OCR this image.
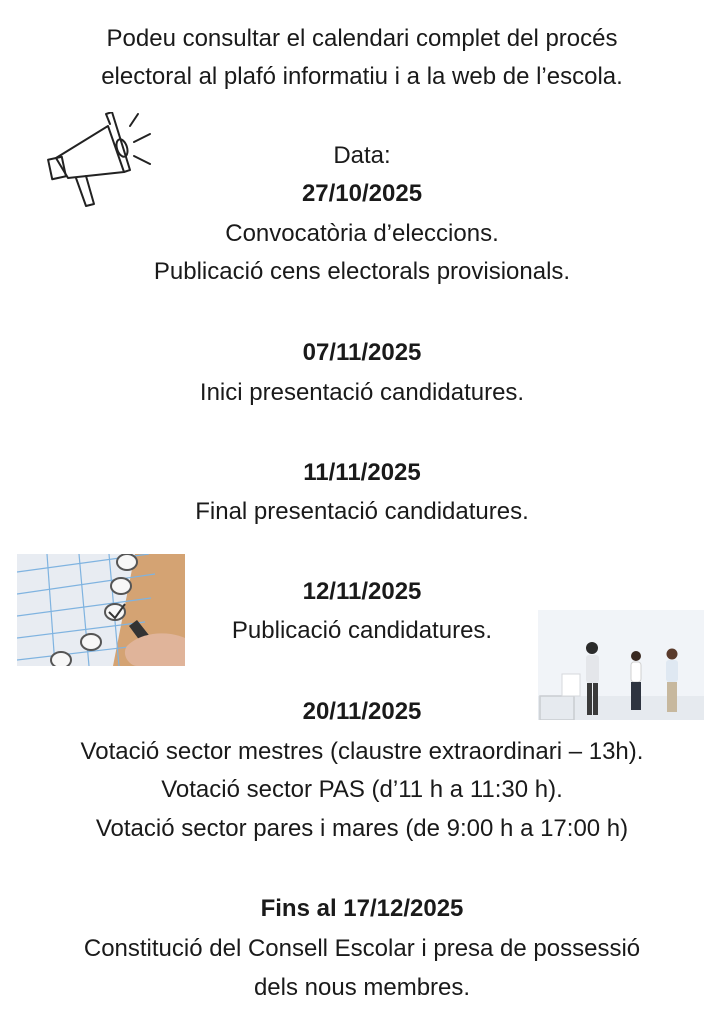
Podeu consultar el calendari complet del procés
electoral al plafó informatiu i a la web de l’escola.
Data:
27/10/2025
Convocatòria d’eleccions.
Publicació cens electorals provisionals.
07/11/2025
Inici presentació candidatures.
11/11/2025
Final presentació candidatures.
12/11/2025
Publicació candidatures.
20/11/2025
Votació sector mestres (claustre extraordinari – 13h).
Votació sector PAS (d’11 h a 11:30 h).
Votació sector pares i mares (de 9:00 h a 17:00 h)
Fins al 17/12/2025
Constitució del Consell Escolar i presa de possessió
dels nous membres.
